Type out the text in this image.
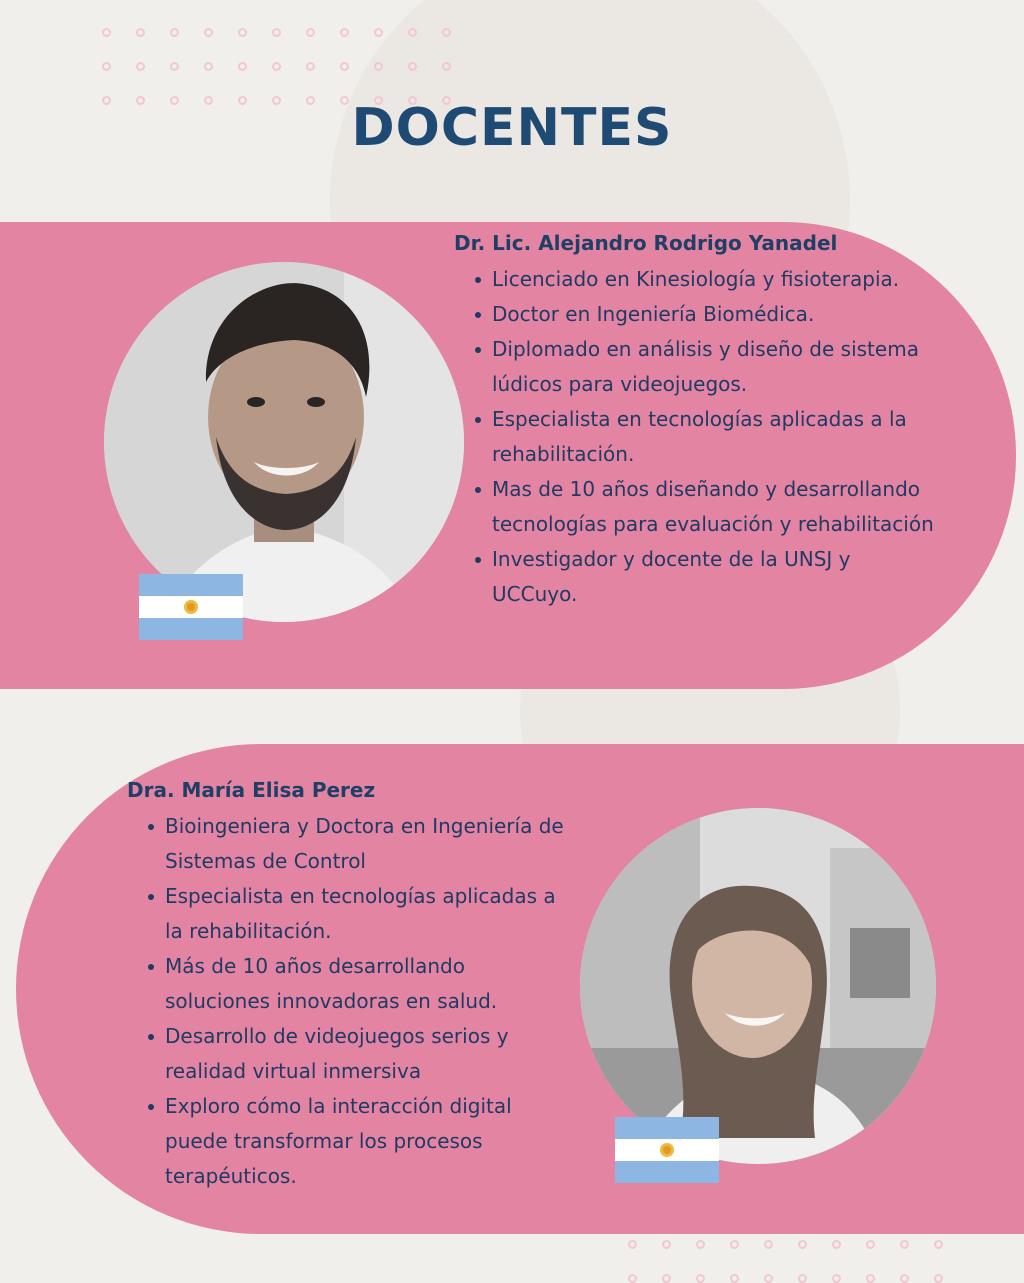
DOCENTES
Dr. Lic. Alejandro Rodrigo Yanadel
Licenciado en Kinesiología y fisioterapia.
Doctor en Ingeniería Biomédica.
Diplomado en análisis y diseño de sistema lúdicos para videojuegos.
Especialista en tecnologías aplicadas a la rehabilitación.
Mas de 10 años diseñando y desarrollando tecnologías para evaluación y rehabilitación
Investigador y docente de la UNSJ y UCCuyo.
Dra. María Elisa Perez
Bioingeniera y Doctora en Ingeniería de Sistemas de Control
Especialista en tecnologías aplicadas a la rehabilitación.
Más de 10 años desarrollando soluciones innovadoras en salud.
Desarrollo de videojuegos serios y realidad virtual inmersiva
Exploro cómo la interacción digital puede transformar los procesos terapéuticos.
